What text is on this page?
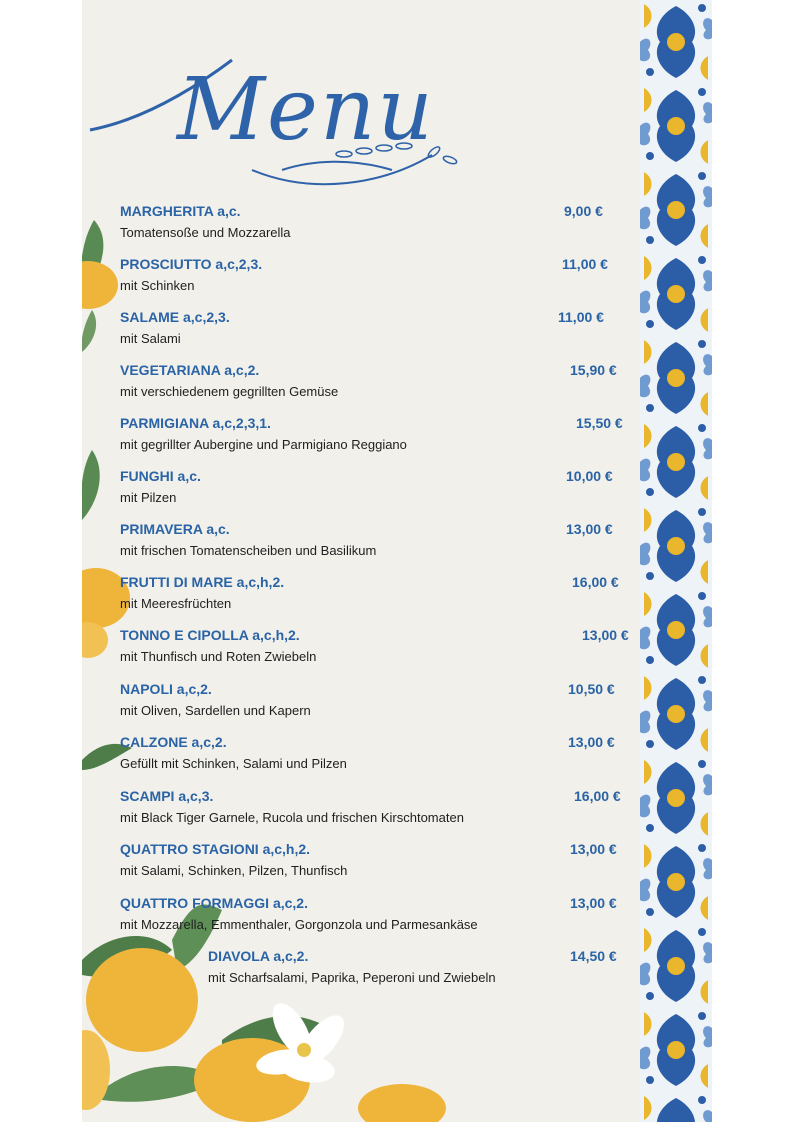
Menu
MARGHERITA a,c.
Tomatensoße und Mozzarella
9,00 €
PROSCIUTTO a,c,2,3.
mit Schinken
11,00 €
SALAME a,c,2,3.
mit Salami
11,00 €
VEGETARIANA a,c,2.
mit verschiedenem gegrillten Gemüse
15,90 €
PARMIGIANA a,c,2,3,1.
mit gegrillter Aubergine und Parmigiano Reggiano
15,50 €
FUNGHI a,c.
mit Pilzen
10,00 €
PRIMAVERA a,c.
mit frischen Tomatenscheiben und Basilikum
13,00 €
FRUTTI DI MARE a,c,h,2.
mit Meeresfrüchten
16,00 €
TONNO E CIPOLLA a,c,h,2.
mit Thunfisch und Roten Zwiebeln
13,00 €
NAPOLI a,c,2.
mit Oliven, Sardellen und Kapern
10,50 €
CALZONE a,c,2.
Gefüllt mit Schinken, Salami und Pilzen
13,00 €
SCAMPI a,c,3.
mit Black Tiger Garnele, Rucola und frischen Kirschtomaten
16,00 €
QUATTRO STAGIONI a,c,h,2.
mit Salami, Schinken, Pilzen, Thunfisch
13,00 €
QUATTRO FORMAGGI a,c,2.
mit Mozzarella, Emmenthaler, Gorgonzola und Parmesankäse
13,00 €
DIAVOLA a,c,2.
mit Scharfsalami, Paprika, Peperoni und Zwiebeln
14,50 €
